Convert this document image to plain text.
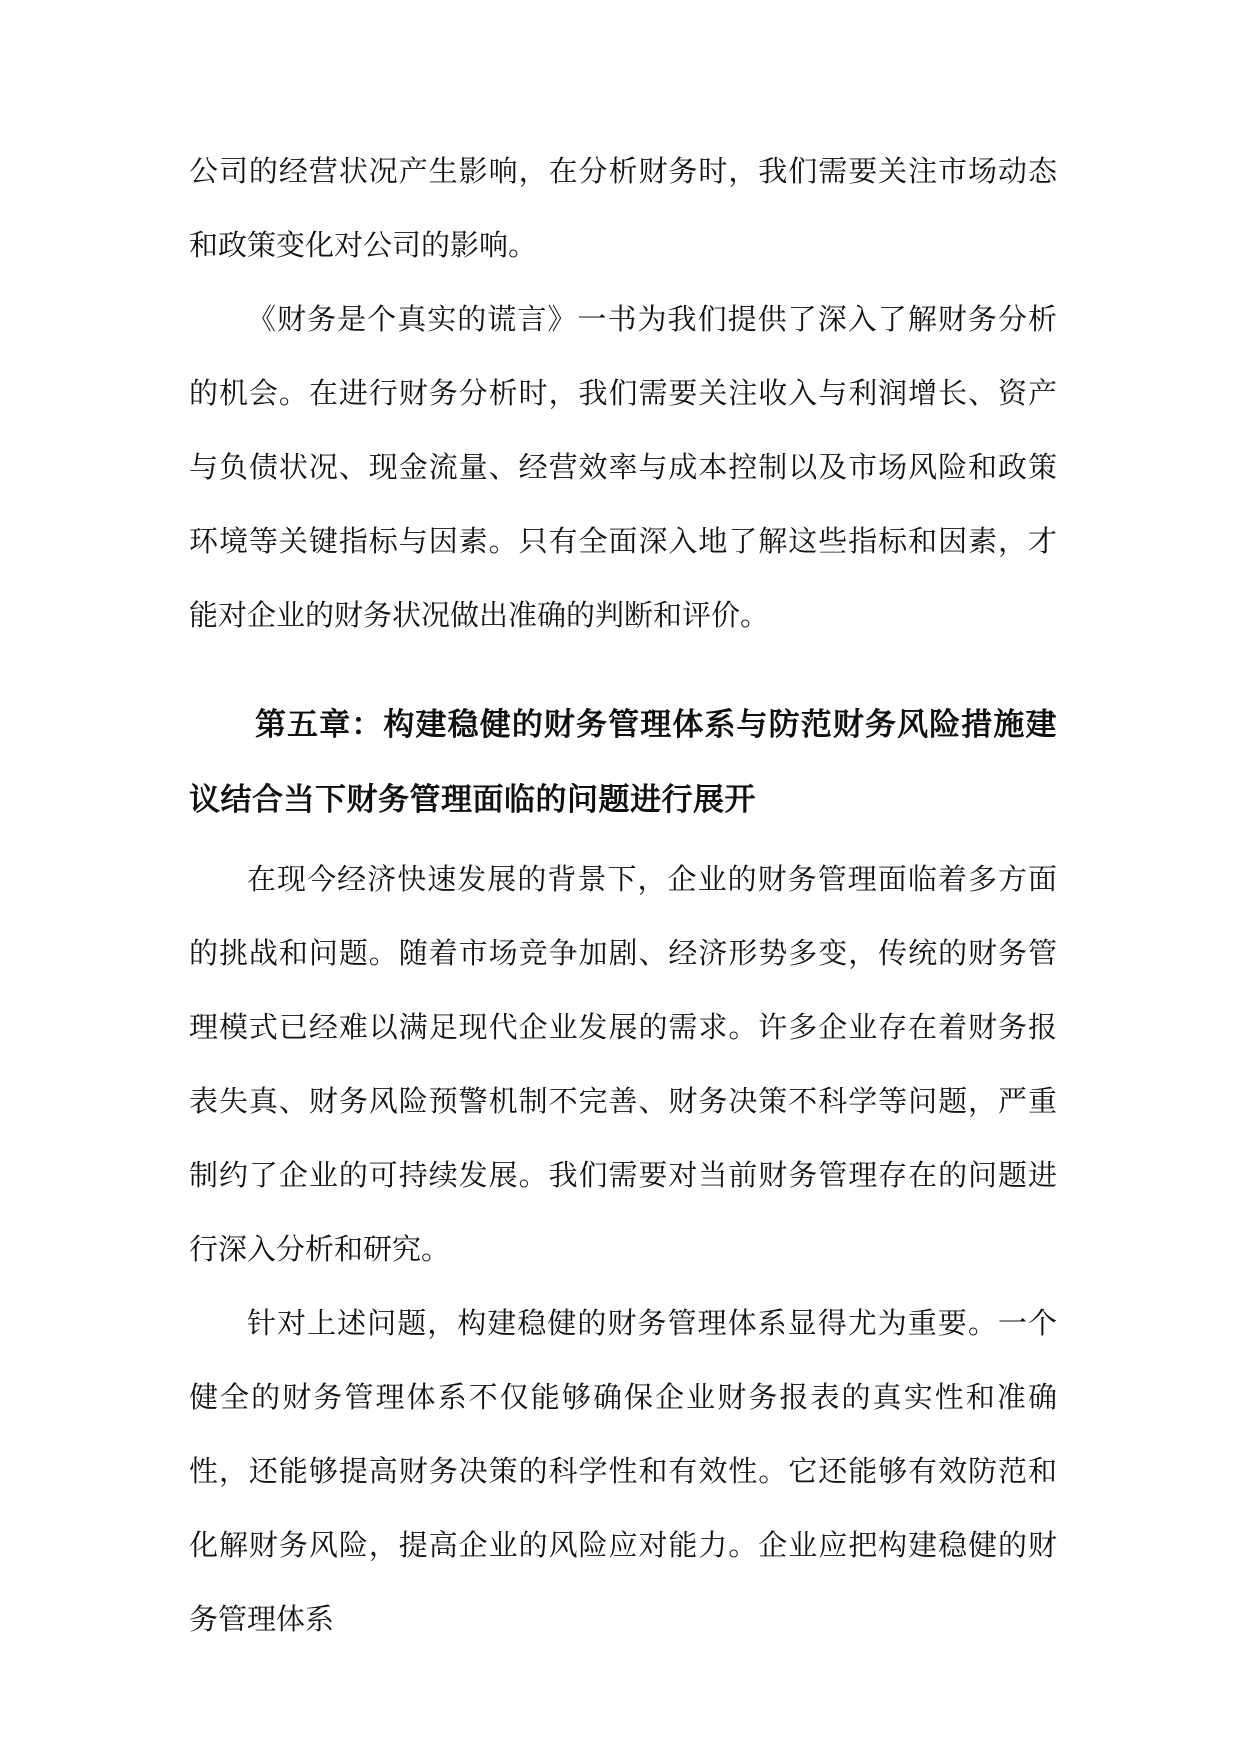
公司的经营状况产生影响，在分析财务时，我们需要关注市场动态和政策变化对公司的影响。

《财务是个真实的谎言》一书为我们提供了深入了解财务分析的机会。在进行财务分析时，我们需要关注收入与利润增长、资产与负债状况、现金流量、经营效率与成本控制以及市场风险和政策环境等关键指标与因素。只有全面深入地了解这些指标和因素，才能对企业的财务状况做出准确的判断和评价。

第五章：构建稳健的财务管理体系与防范财务风险措施建议结合当下财务管理面临的问题进行展开

在现今经济快速发展的背景下，企业的财务管理面临着多方面的挑战和问题。随着市场竞争加剧、经济形势多变，传统的财务管理模式已经难以满足现代企业发展的需求。许多企业存在着财务报表失真、财务风险预警机制不完善、财务决策不科学等问题，严重制约了企业的可持续发展。我们需要对当前财务管理存在的问题进行深入分析和研究。

针对上述问题，构建稳健的财务管理体系显得尤为重要。一个健全的财务管理体系不仅能够确保企业财务报表的真实性和准确性，还能够提高财务决策的科学性和有效性。它还能够有效防范和化解财务风险，提高企业的风险应对能力。企业应把构建稳健的财务管理体系
